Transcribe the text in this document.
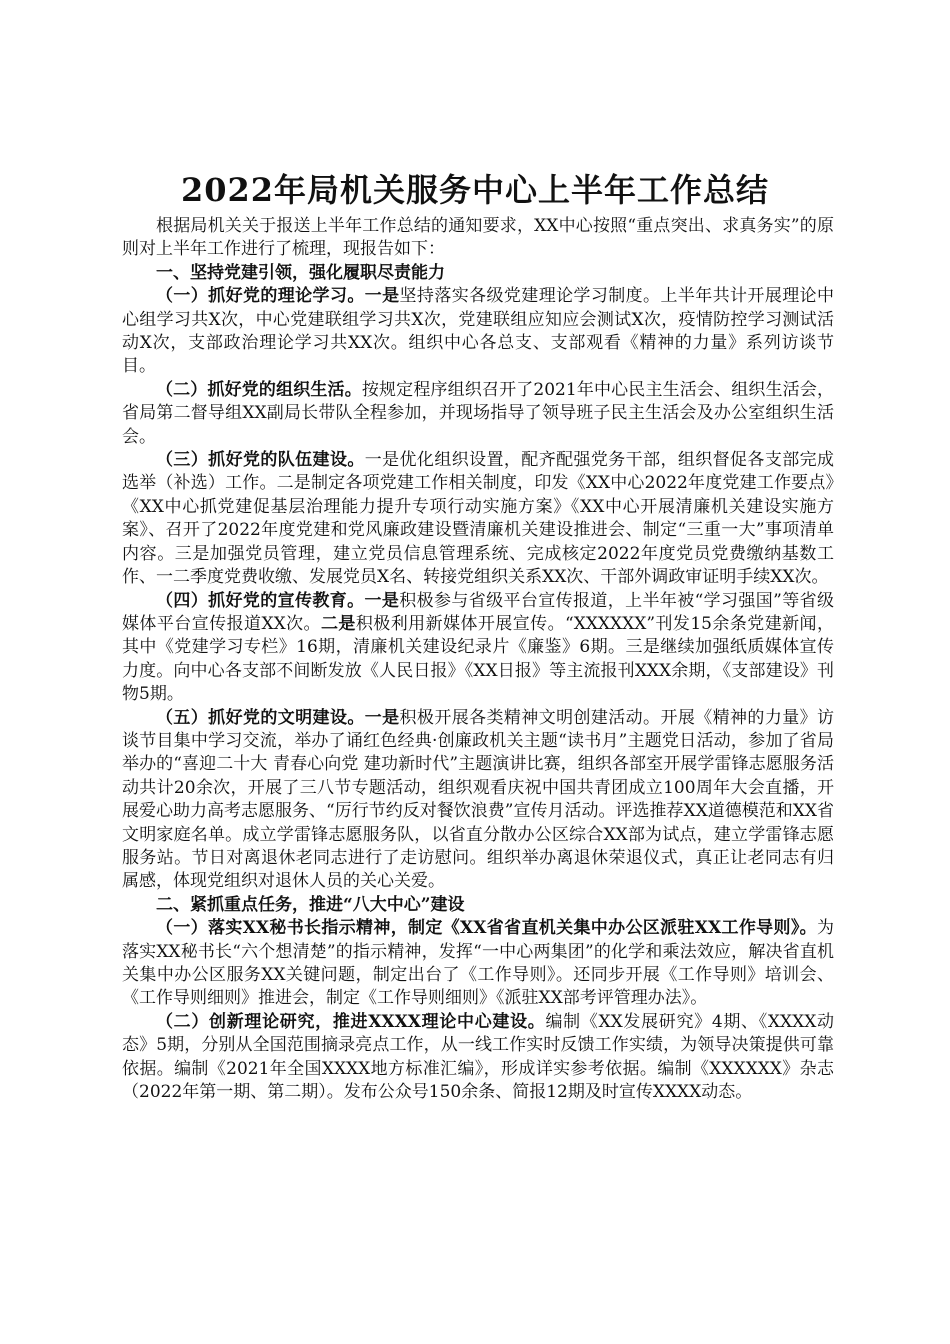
2022年局机关服务中心上半年工作总结

根据局机关关于报送上半年工作总结的通知要求，XX中心按照“重点突出、求真务实”的原则对上半年工作进行了梳理，现报告如下：

一、坚持党建引领，强化履职尽责能力

（一）抓好党的理论学习。一是坚持落实各级党建理论学习制度。上半年共计开展理论中心组学习共X次，中心党建联组学习共X次，党建联组应知应会测试X次，疫情防控学习测试活动X次，支部政治理论学习共XX次。组织中心各总支、支部观看《精神的力量》系列访谈节目。

（二）抓好党的组织生活。按规定程序组织召开了2021年中心民主生活会、组织生活会，省局第二督导组XX副局长带队全程参加，并现场指导了领导班子民主生活会及办公室组织生活会。

（三）抓好党的队伍建设。一是优化组织设置，配齐配强党务干部，组织督促各支部完成选举（补选）工作。二是制定各项党建工作相关制度，印发《XX中心2022年度党建工作要点》《XX中心抓党建促基层治理能力提升专项行动实施方案》《XX中心开展清廉机关建设实施方案》、召开了2022年度党建和党风廉政建设暨清廉机关建设推进会、制定“三重一大”事项清单内容。三是加强党员管理，建立党员信息管理系统、完成核定2022年度党员党费缴纳基数工作、一二季度党费收缴、发展党员X名、转接党组织关系XX次、干部外调政审证明手续XX次。

（四）抓好党的宣传教育。一是积极参与省级平台宣传报道，上半年被“学习强国”等省级媒体平台宣传报道XX次。二是积极利用新媒体开展宣传。“XXXXXX”刊发15余条党建新闻，其中《党建学习专栏》16期，清廉机关建设纪录片《廉鉴》6期。三是继续加强纸质媒体宣传力度。向中心各支部不间断发放《人民日报》《XX日报》等主流报刊XXX余期，《支部建设》刊物5期。

（五）抓好党的文明建设。一是积极开展各类精神文明创建活动。开展《精神的力量》访谈节目集中学习交流，举办了诵红色经典·创廉政机关主题“读书月”主题党日活动，参加了省局举办的“喜迎二十大 青春心向党 建功新时代”主题演讲比赛，组织各部室开展学雷锋志愿服务活动共计20余次，开展了三八节专题活动，组织观看庆祝中国共青团成立100周年大会直播，开展爱心助力高考志愿服务、“厉行节约反对餐饮浪费”宣传月活动。评选推荐XX道德模范和XX省文明家庭名单。成立学雷锋志愿服务队，以省直分散办公区综合XX部为试点，建立学雷锋志愿服务站。节日对离退休老同志进行了走访慰问。组织举办离退休荣退仪式，真正让老同志有归属感，体现党组织对退休人员的关心关爱。

二、紧抓重点任务，推进“八大中心”建设

（一）落实XX秘书长指示精神，制定《XX省省直机关集中办公区派驻XX工作导则》。为落实XX秘书长“六个想清楚”的指示精神，发挥“一中心两集团”的化学和乘法效应，解决省直机关集中办公区服务XX关键问题，制定出台了《工作导则》。还同步开展《工作导则》培训会、《工作导则细则》推进会，制定《工作导则细则》《派驻XX部考评管理办法》。

（二）创新理论研究，推进XXXX理论中心建设。编制《XX发展研究》4期、《XXXX动态》5期，分别从全国范围摘录亮点工作，从一线工作实时反馈工作实绩，为领导决策提供可靠依据。编制《2021年全国XXXX地方标准汇编》，形成详实参考依据。编制《XXXXXX》杂志（2022年第一期、第二期）。发布公众号150余条、简报12期及时宣传XXXX动态。
